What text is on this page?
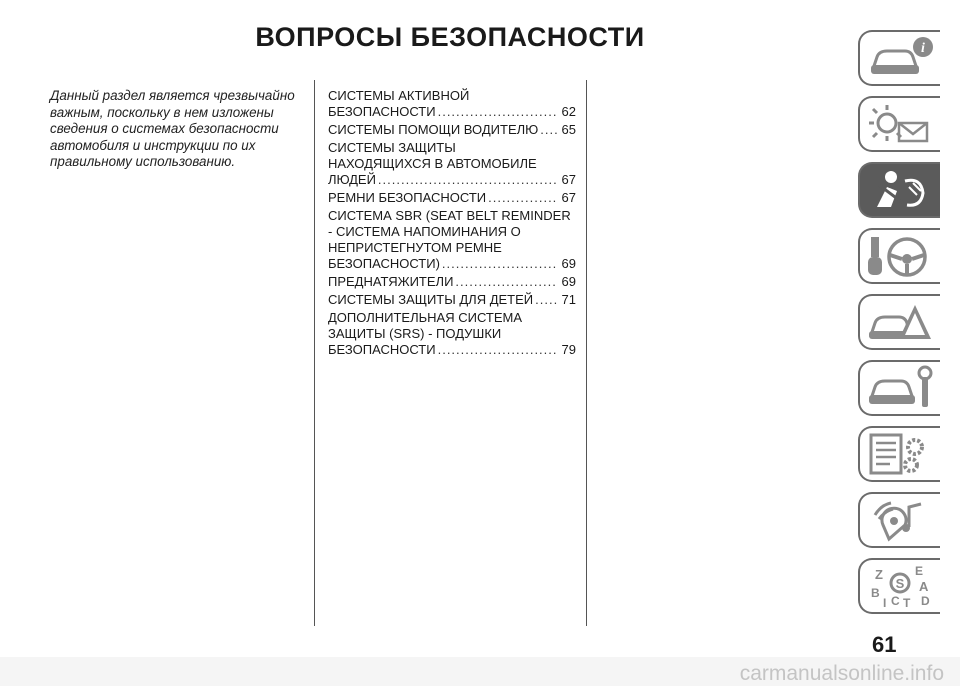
ВОПРОСЫ БЕЗОПАСНОСТИ
Данный раздел является чрезвычайно
важным, поскольку в нем изложены
сведения о системах безопасности
автомобиля и инструкции по их
правильному использованию.
СИСТЕМЫ АКТИВНОЙ
БЕЗОПАСНОСТИ .....	62
СИСТЕМЫ ПОМОЩИ ВОДИТЕЛЮ ..... 65
СИСТЕМЫ ЗАЩИТЫ
НАХОДЯЩИХСЯ В АВТОМОБИЛЕ
ЛЮДЕЙ .....	67
РЕМНИ БЕЗОПАСНОСТИ .....	67
СИСТЕМА SBR (SEAT BELT REMINDER
- СИСТЕМА НАПОМИНАНИЯ О
НЕПРИСТЕГНУТОМ РЕМНЕ
БЕЗОПАСНОСТИ) .....	69
ПРЕДНАТЯЖИТЕЛИ .....	69
СИСТЕМЫ ЗАЩИТЫ ДЛЯ ДЕТЕЙ ..... 71
ДОПОЛНИТЕЛЬНАЯ СИСТЕМА
ЗАЩИТЫ (SRS) - ПОДУШКИ
БЕЗОПАСНОСТИ .....	79
i
S
Z	E
A
B
I C T D
61
carmanualsonline.info
